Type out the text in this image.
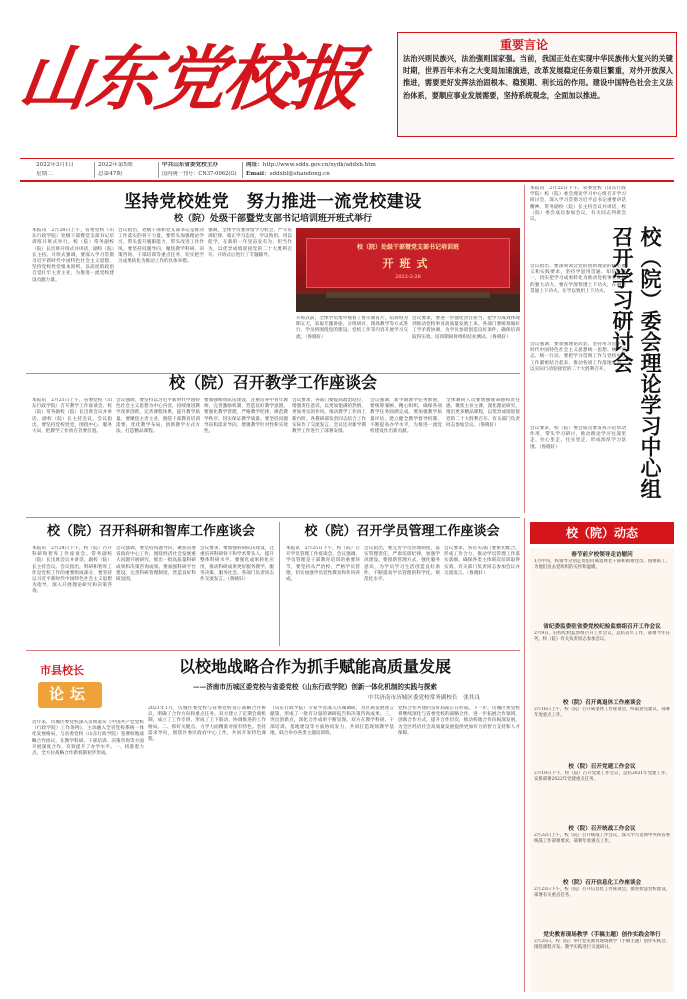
山东党校报	重要言论
法治兴则民族兴，法治强则国家强。当前，我国正处在实现中华民族伟大复兴的关键时期，世界百年未有之大变局加速演进，改革发展稳定任务艰巨繁重，对外开放深入推进，需要更好发挥法治固根本、稳预期、利长远的作用。建设中国特色社会主义法治体系，要顺应事业发展需要，坚持系统观念，全面加以推进。
2022年3月1日
星期二
2022年第5期
总第47期
中共山东省委党校主办
国内统一刊号：CN37-0062(G)
网址：http://www.sddx.gov.cn/xydk/addxb.htm
Email：sddxbl@shandong.cn
坚持党校姓党　努力推进一流党校建设
校（院）处级干部暨党支部书记培训班开班式举行
本报讯　2月28日上午，省委党校（山东行政学院）处级干部暨党支部书记培训班开班式举行。校（院）常务副校（院）长出席开班式并讲话，副校（院）长主持。开班式强调，要深入学习贯彻习近平新时代中国特色社会主义思想，坚持党校姓党根本原则，以高度的政治自觉扛牢主责主业，为推进一流党校建设贡献力量。
会议指出，处级干部和党支部书记是推动工作落实的骨干力量，要带头加强理论学习，带头提升履职能力，带头改进工作作风。要坚持问题导向，聚焦教学科研、决策咨询、干部培训等重点任务，切实把学习成果转化为推动工作的具体举措。
强调，全体学员要珍惜学习机会，严守培训纪律，端正学习态度，学以致用、用以促学，在新的一年里奋发有为、担当作为，以优异成绩迎接党的二十大胜利召开。开班式后进行了专题辅导。
开班式前，全体学员集中观看了警示教育片。培训班为期五天，采取专题讲座、分组研讨、现场教学等方式进行，学员将围绕党的建设、党校工作等内容开展学习交流。（鲁晓轩）
会议要求，要进一步强化责任担当，把学习成效体现到推动党校事业高质量发展上来。各部门要统筹做好工学矛盾协调，为学员参训创造良好条件，确保培训取得实效。培训期间将组织结业测试。（鲁晓轩）
校（院）处级干部暨党支部书记培训班
开班式
2022-2-28
本报讯　2月22日下午，省委党校（山东行政学院）校（院）委会理论学习中心组召开学习研讨会，深入学习贯彻习近平总书记重要讲话精神。常务副校（院）长主持会议并讲话，校（院）委会成员参加会议，有关同志列席会议。
会议指出，要深刻领会党的创新理论的核心要义和实践要求，坚持学思用贯通、知信行统一，切实把学习成果转化为推动党校事业发展的强大动力。要在学深悟透上下功夫，在融会贯通上下功夫，在学以致用上下功夫。
会议强调，要加强理论武装，坚持用习近平新时代中国特色社会主义思想统一思想、统一意志、统一行动。要把学习贯彻工作与党校中心工作紧密结合起来，推动各项工作落地见效，以实际行动迎接党的二十大胜利召开。
会议要求，校（院）委会成员要发挥示范带动作用，带头学习研讨，推动理论学习往深里走、往心里走、往实里走，形成浓厚学习氛围。（鲁晓轩）	校（院）委会理论学习中心组召开学习研讨会
校（院）召开教学工作座谈会
本报讯　2月21日上午，省委党校（山东行政学院）召开教学工作座谈会。校（院）常务副校（院）长出席会议并讲话，副校（院）长主持会议。会议指出，要坚持党校姓党，围绕中心、服务大局，把教学工作放在首要位置。
会议强调，要坚持以习近平新时代中国特色社会主义思想为中心内容，持续推进教学改革创新，完善课程体系，提升教学质量。要聚焦主责主业，围绕干部教育培训需要，优化教学布局，创新教学方式方法，打造精品课程。
要加强师资队伍建设，注重培养中青年教师，完善激励机制，营造良好教学氛围。要强化教学管理，严格教学纪律，规范教学秩序，切实保证教学质量。要坚持问题导向和需求导向，增强教学针对性和实效性。
会议要求，各部门要提高政治站位，增强责任意识，以更加饱满的热情、更加务实的作风，推动教学工作再上新台阶。各教研部负责同志结合工作实际作了交流发言，会议还对新学期教学工作进行了部署安排。
会议强调，新学期教学任务繁重，要统筹兼顾、精心组织，确保各项教学任务圆满完成。要加强教学质量评估，建立健全教学督导机制，不断提高办学水平，为推进一流党校建设作出新贡献。
全体教研人员要增强使命感和责任感，聚焦主业主课，深化理论研究，推出更多精品课程，以优异成绩迎接党的二十大胜利召开。有关部门负责同志参加会议。（鲁晓轩）
校（院）召开科研和智库工作座谈会
本报讯　2月24日下午，校（院）召开科研和智库工作座谈会。常务副校（院）长出席会议并讲话，副校（院）长主持会议。会议指出，科研和智库工作是党校工作的重要组成部分，要坚持以习近平新时代中国特色社会主义思想为指导，深入开展理论研究和决策咨询。
会议强调，要坚持问题导向，聚焦省委省政府中心工作，围绕经济社会发展重大问题开展研究，推出一批高质量科研成果和决策咨询成果。要加强科研平台建设，完善科研管理制度，营造良好科研氛围。
会议要求，要加强科研队伍建设，注重培养科研骨干和学术带头人，提升整体科研水平。要强化成果转化应用，推动科研成果更好服务教学、服务决策、服务社会。各部门负责同志作交流发言。（鲁晓轩）
校（院）召开学员管理工作座谈会
本报讯　2月25日下午，校（院）召开学员管理工作座谈会。会议强调，学员管理是干部教育培训的重要环节，要坚持从严治校，严格学员管理，切实加强学员党性教育和作风养成。
会议指出，要完善学员管理制度，落实管理责任，严肃培训纪律，加强学风建设。要创新管理方式，强化服务意识，为学员学习生活创造良好条件，不断提高学员管理的科学化、规范化水平。
会议要求，各有关部门要密切配合，形成工作合力，推动学员管理工作落实落细，确保各类主体班次培训取得实效。有关部门负责同志参加会议并交流发言。（鲁晓轩）
市县校长
论坛
以校地战略合作为抓手赋能高质量发展
——济南市历城区委党校与省委党校（山东行政学院）创新一体化机制的实践与探索
中共济南市历城区委党校常务副校长　张其良
近年来，历城区委党校深入贯彻落实《中国共产党党校（行政学院）工作条例》，主动融入全省党校系统一体化发展格局，与省委党校（山东行政学院）签署校地战略合作协议，在教学科研、干部培训、决策咨询等方面开展深度合作，有效提升了办学水平。一、找准着力点，全方位战略合作新机制初步形成。
2021年1月，历城区委党校与省委党校签订战略合作协议，明确了合作方向和重点任务。双方建立了定期会商机制，成立了工作专班，形成了上下联动、协调推进的工作格局。二、抓好关键点，力学力面精准对接有特色。坚持需求导向，围绕区委区政府中心工作，共同开发特色课程。
（山东行政学院）专家学者深入历城调研，为区域发展建言献策，形成了一批有分量的调研报告和决策咨询成果。三、突出创新点，深化合作成果不断显现。双方在教学科研、干部培训、基地建设等方面协同发力，共同打造现场教学基地，联合举办各类主题培训班。
党校合作共建的良好局面正在形成。下一步，历城区委党校将继续深化与省委党校的战略合作，进一步拓展合作领域，创新合作方式，提升合作层次，推动校地合作向纵深发展，为全区经济社会高质量发展提供更加有力的智力支持和人才保障。
校（院）动态
春节前夕校领导走访慰问
1月中旬，校领导分别走访慰问离退休老干部和困难党员、困难职工，为他们送去党组织的关怀和温暖。
省纪委监委驻省委党校纪检监察组召开工作会议
2月9日，驻校纪检监察组召开工作会议，总结去年工作，部署今年任务，校（院）有关负责同志参加会议。
校（院）召开离退休工作座谈会
2月16日上午，校（院）召开离退休工作座谈会，听取意见建议，部署年度重点工作。
校（院）召开党建工作会议
2月18日下午，校（院）召开党建工作会议，总结2021年党建工作，安排部署2022年党建重点任务。
校（院）召开统战工作会议
2月22日上午，校（院）召开统战工作会议，深入学习贯彻中央和省委统战工作部署要求，部署年度重点工作。
校（院）召开信息化工作座谈会
2月23日下午，校（院）召开信息化工作座谈会，推进智慧党校建设，部署有关重点任务。
党史教育现场教学（手稿主题）创作实践会举行
2月25日，校（院）举行党史教育现场教学（手稿主题）创作实践会，围绕课程开发、教学实践进行交流研讨。
